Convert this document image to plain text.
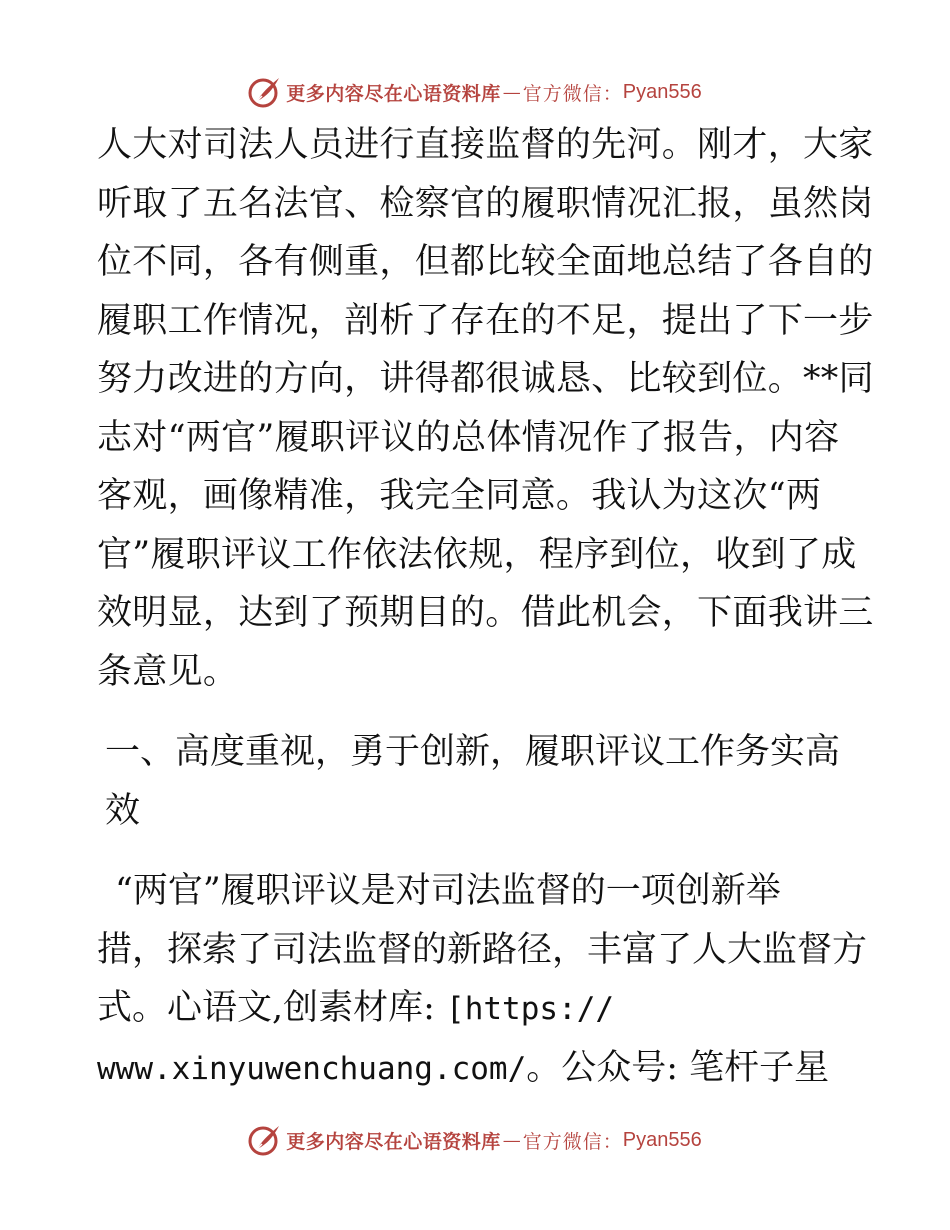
更多内容尽在心语资料库 — 官方微信： Pyan556
人大对司法人员进行直接监督的先河。刚才，大家
听取了五名法官、检察官的履职情况汇报，虽然岗
位不同，各有侧重，但都比较全面地总结了各自的
履职工作情况，剖析了存在的不足，提出了下一步
努力改进的方向，讲得都很诚恳、比较到位。**同
志对“两官”履职评议的总体情况作了报告，内容
客观，画像精准，我完全同意。我认为这次“两
官”履职评议工作依法依规，程序到位，收到了成
效明显，达到了预期目的。借此机会，下面我讲三
条意见。
一、高度重视，勇于创新，履职评议工作务实高
效
“两官”履职评议是对司法监督的一项创新举
措，探索了司法监督的新路径，丰富了人大监督方
式。心语文,创素材库: [https://
www.xinyuwenchuang.com/。公众号: 笔杆子星
更多内容尽在心语资料库 — 官方微信： Pyan556
